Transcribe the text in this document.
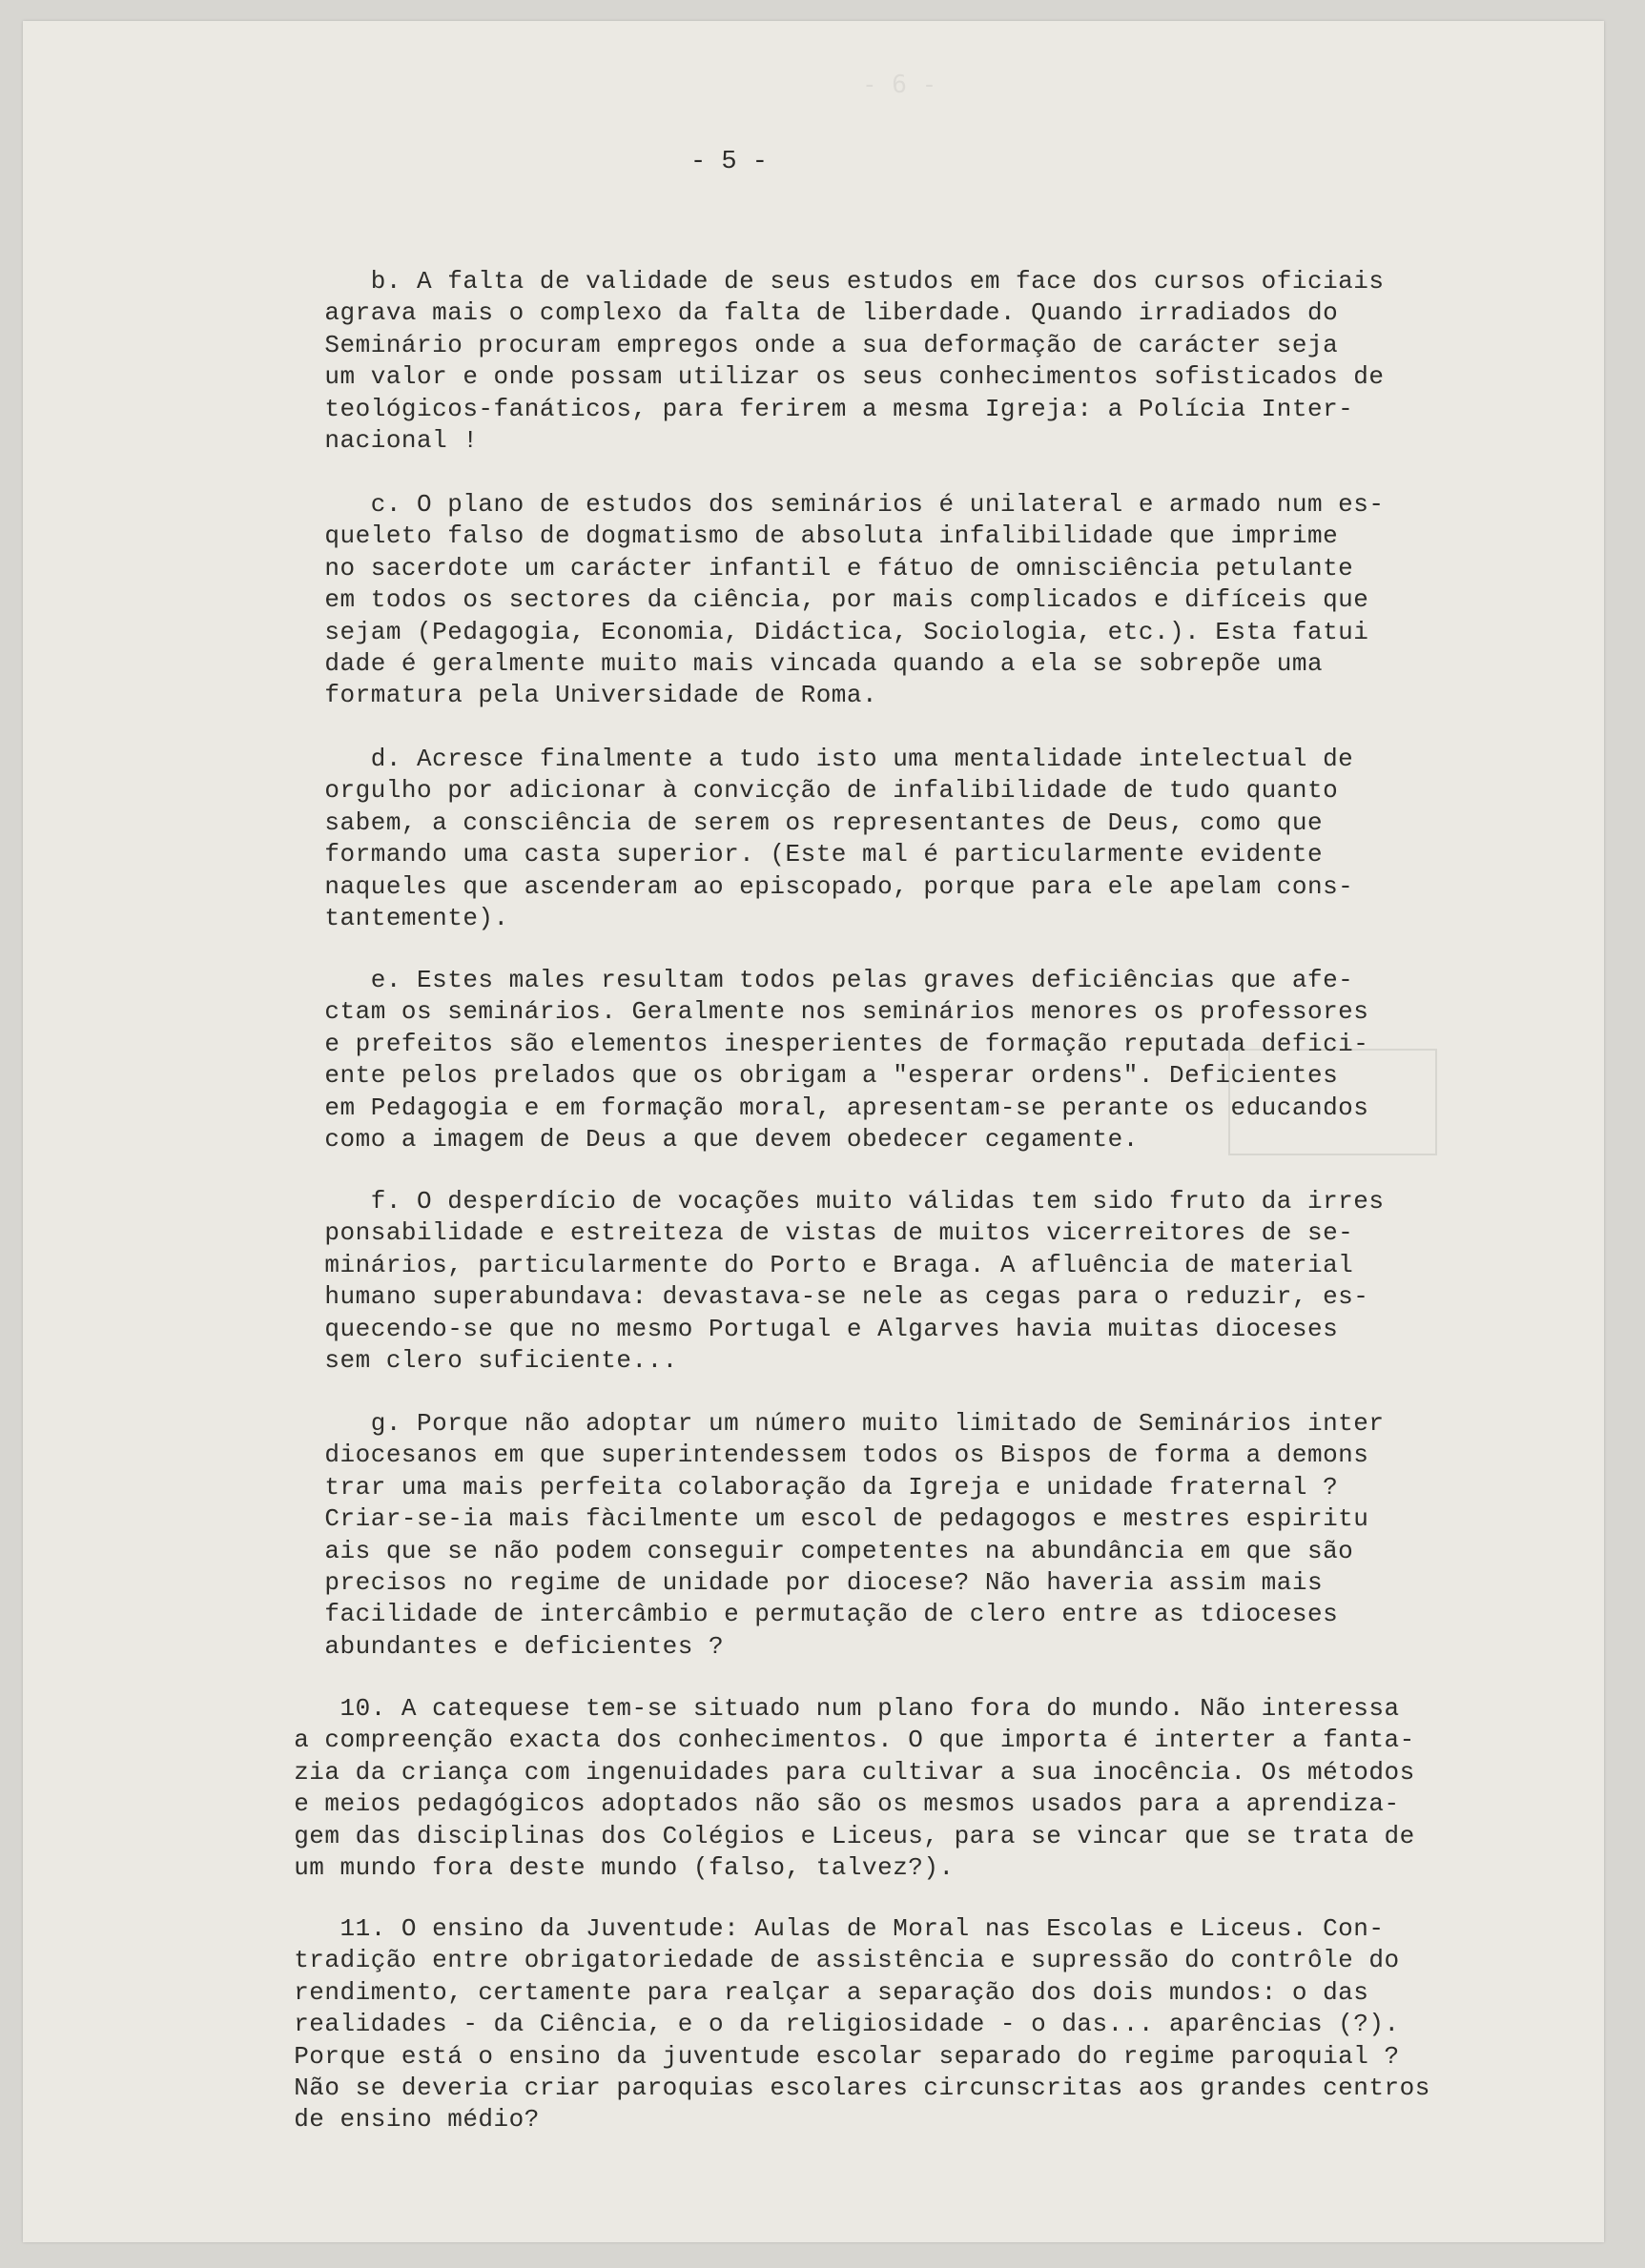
- 6 -
- 5 -
b. A falta de validade de seus estudos em face dos cursos oficiais
agrava mais o complexo da falta de liberdade. Quando irradiados do
Seminário procuram empregos onde a sua deformação de carácter seja
um valor e onde possam utilizar os seus conhecimentos sofisticados de
teológicos-fanáticos, para ferirem a mesma Igreja: a Polícia Inter-
nacional !
c. O plano de estudos dos seminários é unilateral e armado num es-
queleto falso de dogmatismo de absoluta infalibilidade que imprime
no sacerdote um carácter infantil e fátuo de omnisciência petulante
em todos os sectores da ciência, por mais complicados e difíceis que
sejam (Pedagogia, Economia, Didáctica, Sociologia, etc.). Esta fatui
dade é geralmente muito mais vincada quando a ela se sobrepõe uma
formatura pela Universidade de Roma.
d. Acresce finalmente a tudo isto uma mentalidade intelectual de
orgulho por adicionar à convicção de infalibilidade de tudo quanto
sabem, a consciência de serem os representantes de Deus, como que
formando uma casta superior. (Este mal é particularmente evidente
naqueles que ascenderam ao episcopado, porque para ele apelam cons-
tantemente).
e. Estes males resultam todos pelas graves deficiências que afe-
ctam os seminários. Geralmente nos seminários menores os professores
e prefeitos são elementos inesperientes de formação reputada defici-
ente pelos prelados que os obrigam a "esperar ordens". Deficientes
em Pedagogia e em formação moral, apresentam-se perante os educandos
como a imagem de Deus a que devem obedecer cegamente.
f. O desperdício de vocações muito válidas tem sido fruto da irres
ponsabilidade e estreiteza de vistas de muitos vicerreitores de se-
minários, particularmente do Porto e Braga. A afluência de material
humano superabundava: devastava-se nele as cegas para o reduzir, es-
quecendo-se que no mesmo Portugal e Algarves havia muitas dioceses
sem clero suficiente...
g. Porque não adoptar um número muito limitado de Seminários inter
diocesanos em que superintendessem todos os Bispos de forma a demons
trar uma mais perfeita colaboração da Igreja e unidade fraternal ?
Criar-se-ia mais fàcilmente um escol de pedagogos e mestres espiritu
ais que se não podem conseguir competentes na abundância em que são
precisos no regime de unidade por diocese? Não haveria assim mais
facilidade de intercâmbio e permutação de clero entre as tdioceses
abundantes e deficientes ?
10. A catequese tem-se situado num plano fora do mundo. Não interessa
a compreenção exacta dos conhecimentos. O que importa é interter a fanta-
zia da criança com ingenuidades para cultivar a sua inocência. Os métodos
e meios pedagógicos adoptados não são os mesmos usados para a aprendiza-
gem das disciplinas dos Colégios e Liceus, para se vincar que se trata de
um mundo fora deste mundo (falso, talvez?).
11. O ensino da Juventude: Aulas de Moral nas Escolas e Liceus. Con-
tradição entre obrigatoriedade de assistência e supressão do contrôle do
rendimento, certamente para realçar a separação dos dois mundos: o das
realidades - da Ciência, e o da religiosidade - o das... aparências (?).
Porque está o ensino da juventude escolar separado do regime paroquial ?
Não se deveria criar paroquias escolares circunscritas aos grandes centros
de ensino médio?
